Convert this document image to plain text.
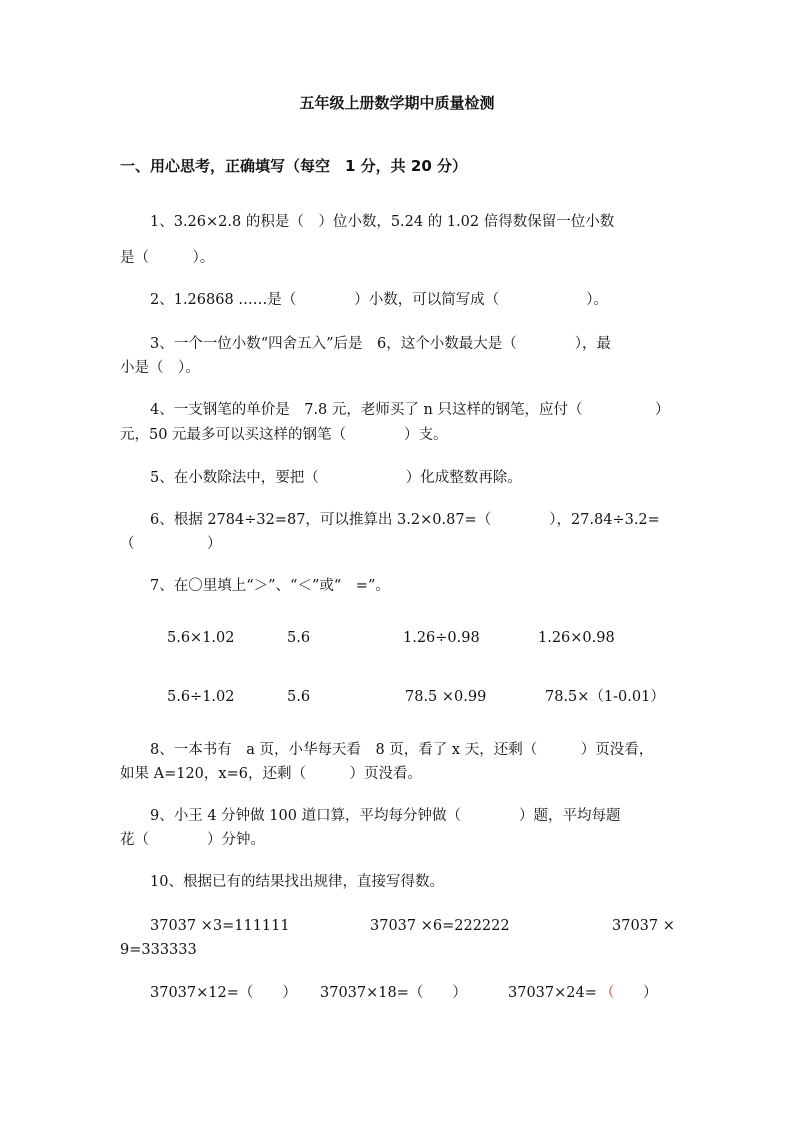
五年级上册数学期中质量检测
一、用心思考，正确填写（每空　1 分，共 20 分）
1、3.26×2.8 的积是（　）位小数，5.24 的 1.02 倍得数保留一位小数
是（　　　）。
2、1.26868 ……是（　　　　）小数，可以简写成（　　　　　　）。
3、一个一位小数“四舍五入”后是　6，这个小数最大是（　　　　），最
小是（　）。
4、一支钢笔的单价是　7.8 元，老师买了 n 只这样的钢笔，应付（　　　　　）
元，50 元最多可以买这样的钢笔（　　　　）支。
5、在小数除法中，要把（　　　　　　）化成整数再除。
6、根据 2784÷32=87，可以推算出 3.2×0.87=（　　　　），27.84÷3.2=
（　　　　　）
7、在〇里填上“＞”、“＜”或“　=”。
5.6×1.02	5.6	1.26÷0.98	1.26×0.98
5.6÷1.02	5.6	78.5 ×0.99	78.5×（1-0.01）
8、一本书有　a 页，小华每天看　8 页，看了 x 天，还剩（　　　）页没看，
如果 A=120，x=6，还剩（　　　）页没看。
9、小王 4 分钟做 100 道口算，平均每分钟做（　　　　）题，平均每题
花（　　　　）分钟。
10、根据已有的结果找出规律，直接写得数。
37037 ×3=111111	37037 ×6=222222	37037 ×
9=333333
37037×12=（　　） 37037×18=（　　）	37037×24= （ 　　）
